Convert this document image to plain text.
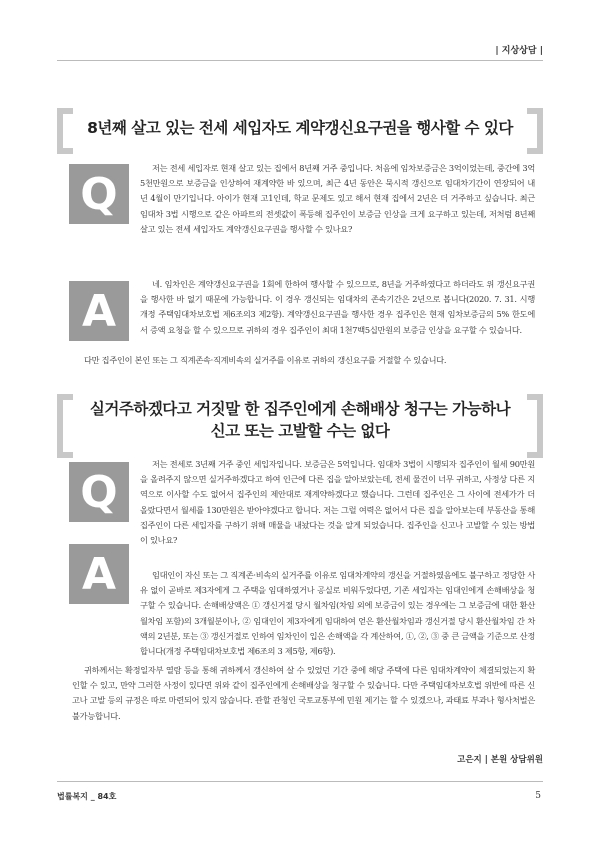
| 지상상담 |
8년째 살고 있는 전세 세입자도 계약갱신요구권을 행사할 수 있다
Q
저는 전세 세입자로 현재 살고 있는 집에서 8년째 거주 중입니다. 처음에 임차보증금은 3억이었는데, 중간에 3억 5천만원으로 보증금을 인상하여 재계약한 바 있으며, 최근 4년 동안은 묵시적 갱신으로 임대차기간이 연장되어 내년 4월이 만기입니다. 아이가 현재 고1인데, 학교 문제도 있고 해서 현재 집에서 2년은 더 거주하고 싶습니다. 최근 임대차 3법 시행으로 같은 아파트의 전셋값이 폭등해 집주인이 보증금 인상을 크게 요구하고 있는데, 저처럼 8년째 살고 있는 전세 세입자도 계약갱신요구권을 행사할 수 있나요?
A
네. 임차인은 계약갱신요구권을 1회에 한하여 행사할 수 있으므로, 8년을 거주하였다고 하더라도 위 갱신요구권을 행사한 바 없기 때문에 가능합니다. 이 경우 갱신되는 임대차의 존속기간은 2년으로 봅니다(2020. 7. 31. 시행 개정 주택임대차보호법 제6조의3 제2항). 계약갱신요구권을 행사한 경우 집주인은 현재 임차보증금의 5% 한도에서 증액 요청을 할 수 있으므로 귀하의 경우 집주인이 최대 1천7백5십만원의 보증금 인상을 요구할 수 있습니다.
다만 집주인이 본인 또는 그 직계존속·직계비속의 실거주를 이유로 귀하의 갱신요구를 거절할 수 있습니다.
실거주하겠다고 거짓말 한 집주인에게 손해배상 청구는 가능하나
신고 또는 고발할 수는 없다
Q
저는 전세로 3년째 거주 중인 세입자입니다. 보증금은 5억입니다. 임대차 3법이 시행되자 집주인이 월세 90만원을 올려주지 않으면 실거주하겠다고 하여 인근에 다른 집을 알아보았는데, 전세 물건이 너무 귀하고, 사정상 다른 지역으로 이사할 수도 없어서 집주인의 제안대로 재계약하겠다고 했습니다. 그런데 집주인은 그 사이에 전세가가 더 올랐다면서 월세를 130만원은 받아야겠다고 합니다. 저는 그럴 여력은 없어서 다른 집을 알아보는데 부동산을 통해 집주인이 다른 세입자를 구하기 위해 매물을 내놨다는 것을 알게 되었습니다. 집주인을 신고나 고발할 수 있는 방법이 있나요?
A	임대인이 자신 또는 그 직계존·비속의 실거주를 이유로 임대차계약의 갱신을 거절하였음에도 불구하고 정당한 사유 없이 곧바로 제3자에게 그 주택을 임대하였거나 공실로 비워두었다면, 기존 세입자는 임대인에게 손해배상을 청구할 수 있습니다. 손해배상액은 ① 갱신거절 당시 월차임(차임 외에 보증금이 있는 경우에는 그 보증금에 대한 환산월차임 포함)의 3개월분이나, ② 임대인이 제3자에게 임대하여 얻은 환산월차임과 갱신거절 당시 환산월차임 간 차액의 2년분, 또는 ③ 갱신거절로 인하여 임차인이 입은 손해액을 각 계산하여, ①, ②, ③ 중 큰 금액을 기준으로 산정합니다(개정 주택임대차보호법 제6조의 3 제5항, 제6항).
귀하께서는 확정일자부 열람 등을 통해 귀하께서 갱신하여 살 수 있었던 기간 중에 해당 주택에 다른 임대차계약이 체결되었는지 확인할 수 있고, 만약 그러한 사정이 있다면 위와 같이 집주인에게 손해배상을 청구할 수 있습니다. 다만 주택임대차보호법 위반에 따른 신고나 고발 등의 규정은 따로 마련되어 있지 않습니다. 관할 관청인 국토교통부에 민원 제기는 할 수 있겠으나, 과태료 부과나 형사처벌은 불가능합니다.
고은지 | 본원 상담위원
법률복지 _ 84호	5
